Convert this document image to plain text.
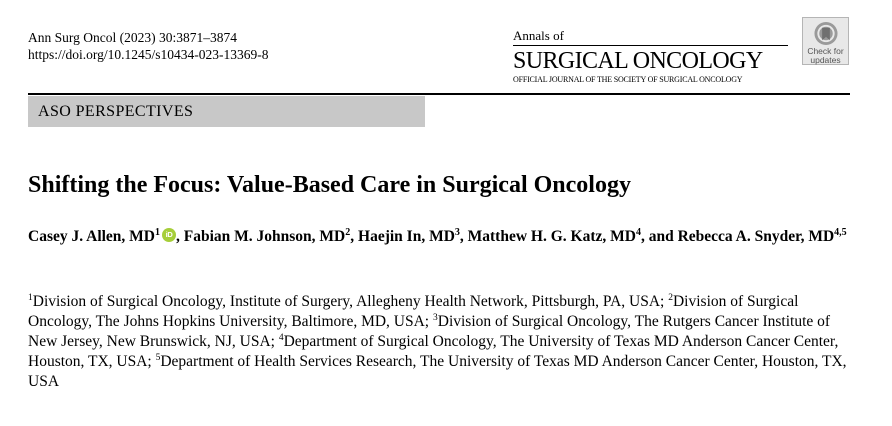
Ann Surg Oncol (2023) 30:3871–3874
https://doi.org/10.1245/s10434-023-13369-8
Annals of
SURGICAL ONCOLOGY
OFFICIAL JOURNAL OF THE SOCIETY OF SURGICAL ONCOLOGY
Check for
updates
ASO PERSPECTIVES
Shifting the Focus: Value-Based Care in Surgical Oncology
Casey J. Allen, $MD^1$ iD , Fabian M. Johnson, $MD^2$, Haejin In, $MD^3$, Matthew H. G. Katz, $MD^4$, and Rebecca A. Snyder, MD$^{4,5}$
$^1$Division of Surgical Oncology, Institute of Surgery, Allegheny Health Network, Pittsburgh, PA, USA; $^2$Division of Surgical Oncology, The Johns Hopkins University, Baltimore, MD, USA; $^3$Division of Surgical Oncology, The Rutgers Cancer Institute of New Jersey, New Brunswick, NJ, USA; $^4$Department of Surgical Oncology, The University of Texas MD Anderson Cancer Center, Houston, TX, USA; $^5$Department of Health Services Research, The University of Texas MD Anderson Cancer Center, Houston, TX, USA
